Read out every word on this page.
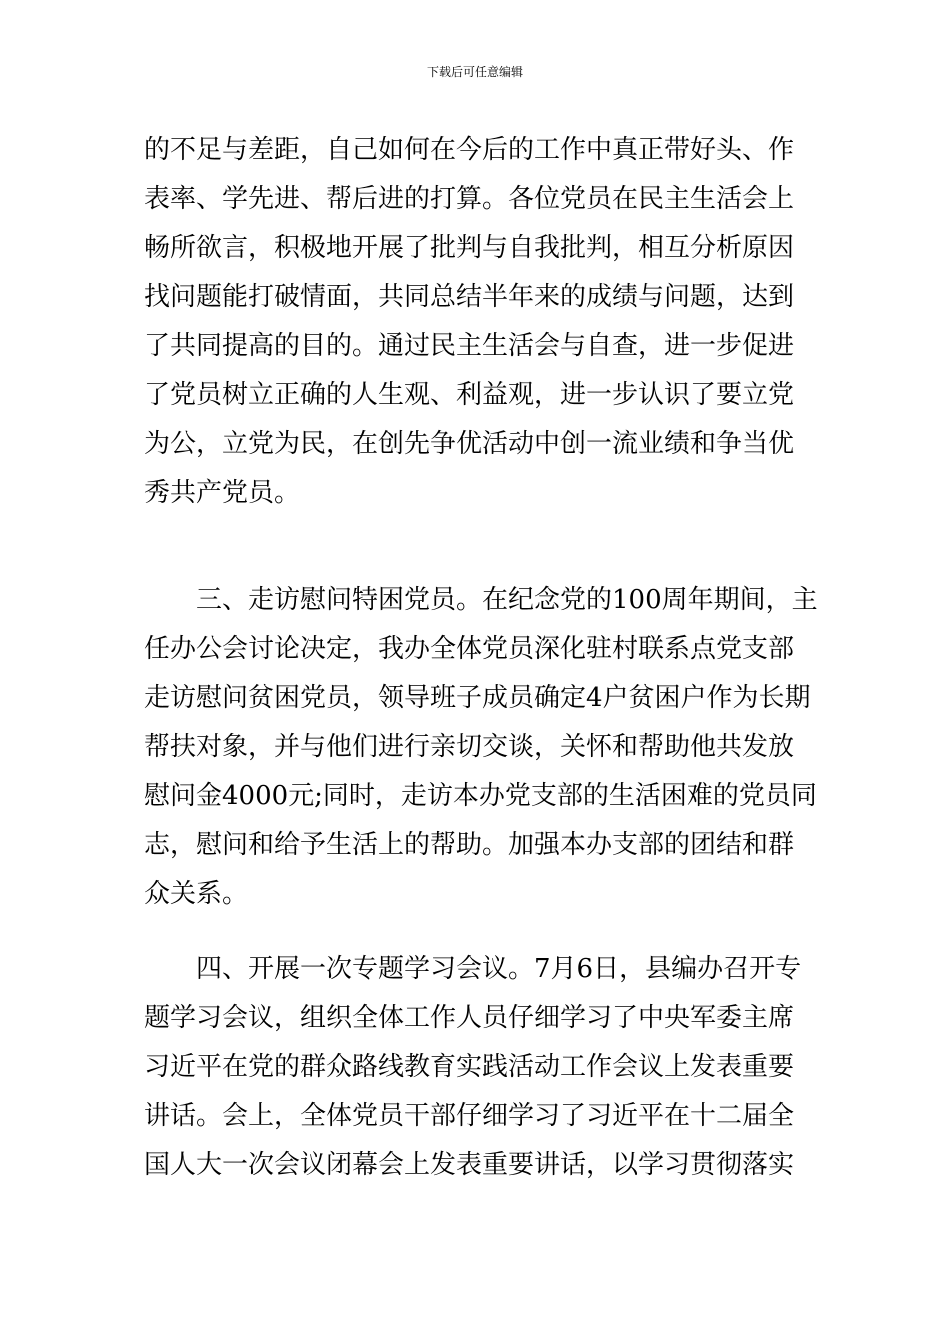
下载后可任意编辑
的不足与差距，自己如何在今后的工作中真正带好头、作
表率、学先进、帮后进的打算。各位党员在民主生活会上
畅所欲言，积极地开展了批判与自我批判，相互分析原因
找问题能打破情面，共同总结半年来的成绩与问题，达到
了共同提高的目的。通过民主生活会与自查，进一步促进
了党员树立正确的人生观、利益观，进一步认识了要立党
为公，立党为民，在创先争优活动中创一流业绩和争当优
秀共产党员。
三、走访慰问特困党员。在纪念党的100周年期间，主
任办公会讨论决定，我办全体党员深化驻村联系点党支部
走访慰问贫困党员，领导班子成员确定4户贫困户作为长期
帮扶对象，并与他们进行亲切交谈，关怀和帮助他共发放
慰问金4000元;同时，走访本办党支部的生活困难的党员同
志，慰问和给予生活上的帮助。加强本办支部的团结和群
众关系。
四、开展一次专题学习会议。7月6日，县编办召开专
题学习会议，组织全体工作人员仔细学习了中央军委主席
习近平在党的群众路线教育实践活动工作会议上发表重要
讲话。会上，全体党员干部仔细学习了习近平在十二届全
国人大一次会议闭幕会上发表重要讲话，以学习贯彻落实
